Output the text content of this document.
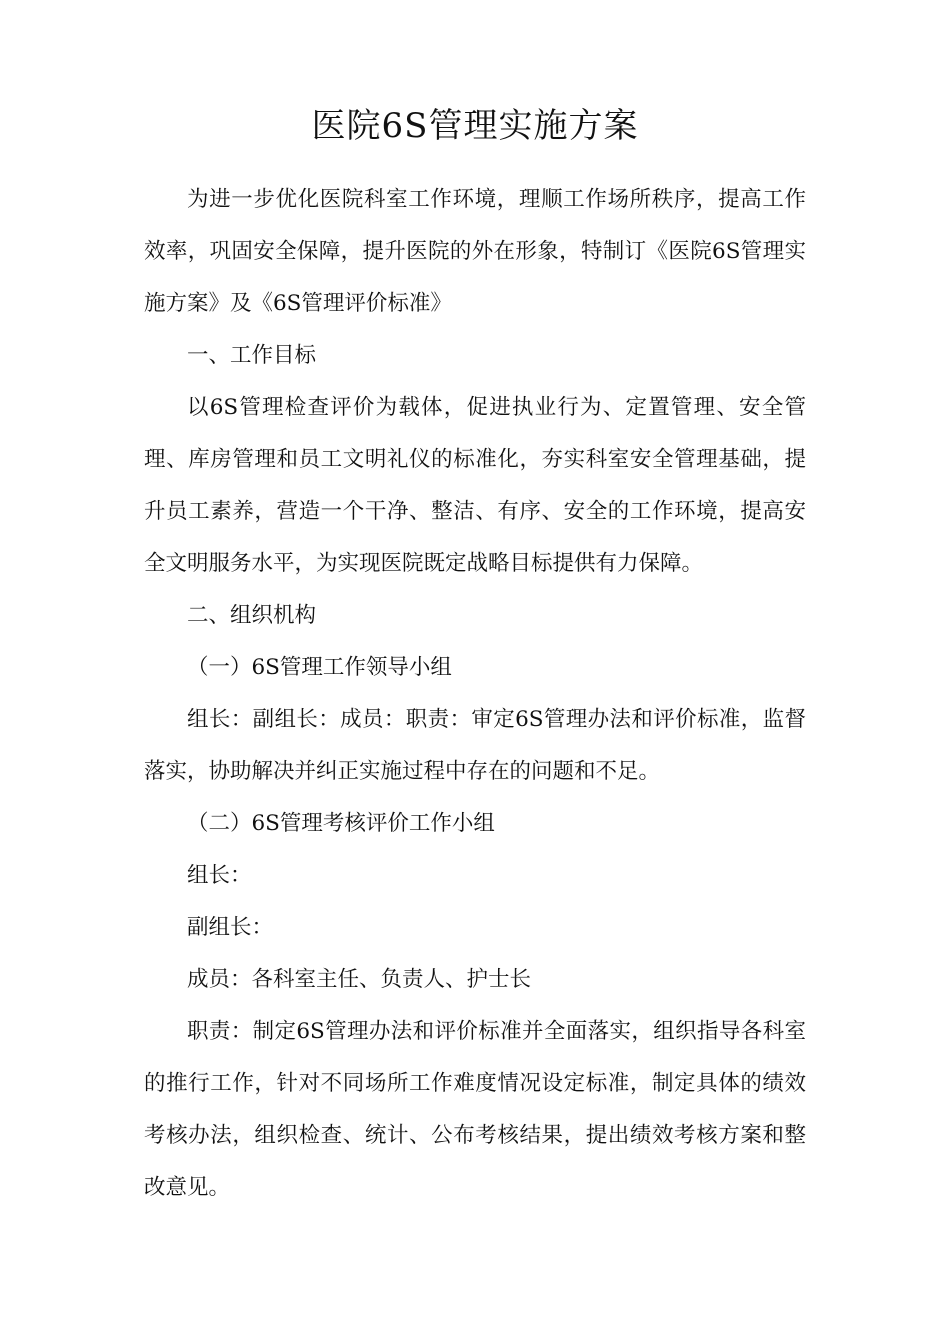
医院6S管理实施方案

为进一步优化医院科室工作环境，理顺工作场所秩序，提高工作效率，巩固安全保障，提升医院的外在形象，特制订《医院6S管理实施方案》及《6S管理评价标准》

一、工作目标

以6S管理检查评价为载体，促进执业行为、定置管理、安全管理、库房管理和员工文明礼仪的标准化，夯实科室安全管理基础，提升员工素养，营造一个干净、整洁、有序、安全的工作环境，提高安全文明服务水平，为实现医院既定战略目标提供有力保障。

二、组织机构

（一）6S管理工作领导小组

组长：副组长：成员：职责：审定6S管理办法和评价标准，监督落实，协助解决并纠正实施过程中存在的问题和不足。

（二）6S管理考核评价工作小组

组长：

副组长：

成员：各科室主任、负责人、护士长

职责：制定6S管理办法和评价标准并全面落实，组织指导各科室的推行工作，针对不同场所工作难度情况设定标准，制定具体的绩效考核办法，组织检查、统计、公布考核结果，提出绩效考核方案和整改意见。
